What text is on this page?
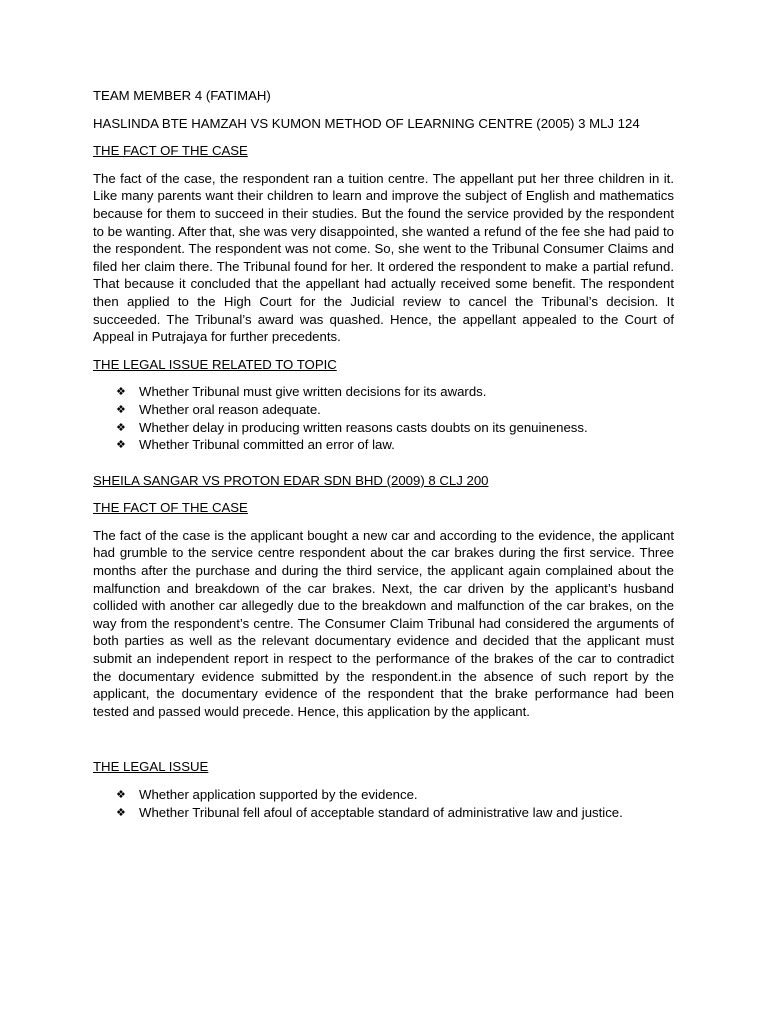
TEAM MEMBER 4 (FATIMAH)

HASLINDA BTE HAMZAH VS KUMON METHOD OF LEARNING CENTRE (2005) 3 MLJ 124

THE FACT OF THE CASE

The fact of the case, the respondent ran a tuition centre. The appellant put her three children in it. Like many parents want their children to learn and improve the subject of English and mathematics because for them to succeed in their studies. But the found the service provided by the respondent to be wanting. After that, she was very disappointed, she wanted a refund of the fee she had paid to the respondent. The respondent was not come. So, she went to the Tribunal Consumer Claims and filed her claim there. The Tribunal found for her. It ordered the respondent to make a partial refund. That because it concluded that the appellant had actually received some benefit. The respondent then applied to the High Court for the Judicial review to cancel the Tribunal’s decision. It succeeded. The Tribunal’s award was quashed. Hence, the appellant appealed to the Court of Appeal in Putrajaya for further precedents.

THE LEGAL ISSUE RELATED TO TOPIC

❖ Whether Tribunal must give written decisions for its awards.
❖ Whether oral reason adequate.
❖ Whether delay in producing written reasons casts doubts on its genuineness.
❖ Whether Tribunal committed an error of law.

SHEILA SANGAR VS PROTON EDAR SDN BHD (2009) 8 CLJ 200

THE FACT OF THE CASE

The fact of the case is the applicant bought a new car and according to the evidence, the applicant had grumble to the service centre respondent about the car brakes during the first service. Three months after the purchase and during the third service, the applicant again complained about the malfunction and breakdown of the car brakes. Next, the car driven by the applicant’s husband collided with another car allegedly due to the breakdown and malfunction of the car brakes, on the way from the respondent’s centre. The Consumer Claim Tribunal had considered the arguments of both parties as well as the relevant documentary evidence and decided that the applicant must submit an independent report in respect to the performance of the brakes of the car to contradict the documentary evidence submitted by the respondent.in the absence of such report by the applicant, the documentary evidence of the respondent that the brake performance had been tested and passed would precede. Hence, this application by the applicant.

THE LEGAL ISSUE

❖ Whether application supported by the evidence.
❖ Whether Tribunal fell afoul of acceptable standard of administrative law and justice.
